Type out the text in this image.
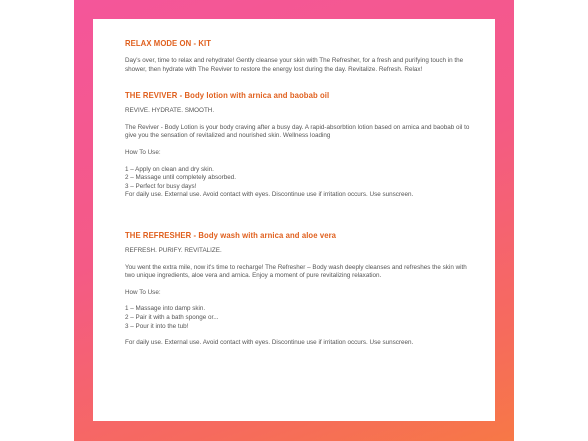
RELAX MODE ON - KIT

Day's over, time to relax and rehydrate! Gently cleanse your skin with The Refresher, for a fresh and purifying touch in the shower, then hydrate with The Reviver to restore the energy lost during the day. Revitalize. Refresh. Relax!

THE REVIVER - Body lotion with arnica and baobab oil

REVIVE. HYDRATE. SMOOTH.

The Reviver - Body Lotion is your body craving after a busy day. A rapid-absorbtion lotion based on arnica and baobab oil to give you the sensation of revitalized and nourished skin. Wellness loading

How To Use:

1 – Apply on clean and dry skin.
2 – Massage until completely absorbed.
3 – Perfect for busy days!
For daily use. External use. Avoid contact with eyes. Discontinue use if irritation occurs. Use sunscreen.
THE REFRESHER - Body wash with arnica and aloe vera

REFRESH. PURIFY. REVITALIZE.

You went the extra mile, now it's time to recharge! The Refresher – Body wash deeply cleanses and refreshes the skin with two unique ingredients, aloe vera and arnica. Enjoy a moment of pure revitalizing relaxation.

How To Use:

1 – Massage into damp skin.
2 – Pair it with a bath sponge or...
3 – Pour it into the tub!

For daily use. External use. Avoid contact with eyes. Discontinue use if irritation occurs. Use sunscreen.
